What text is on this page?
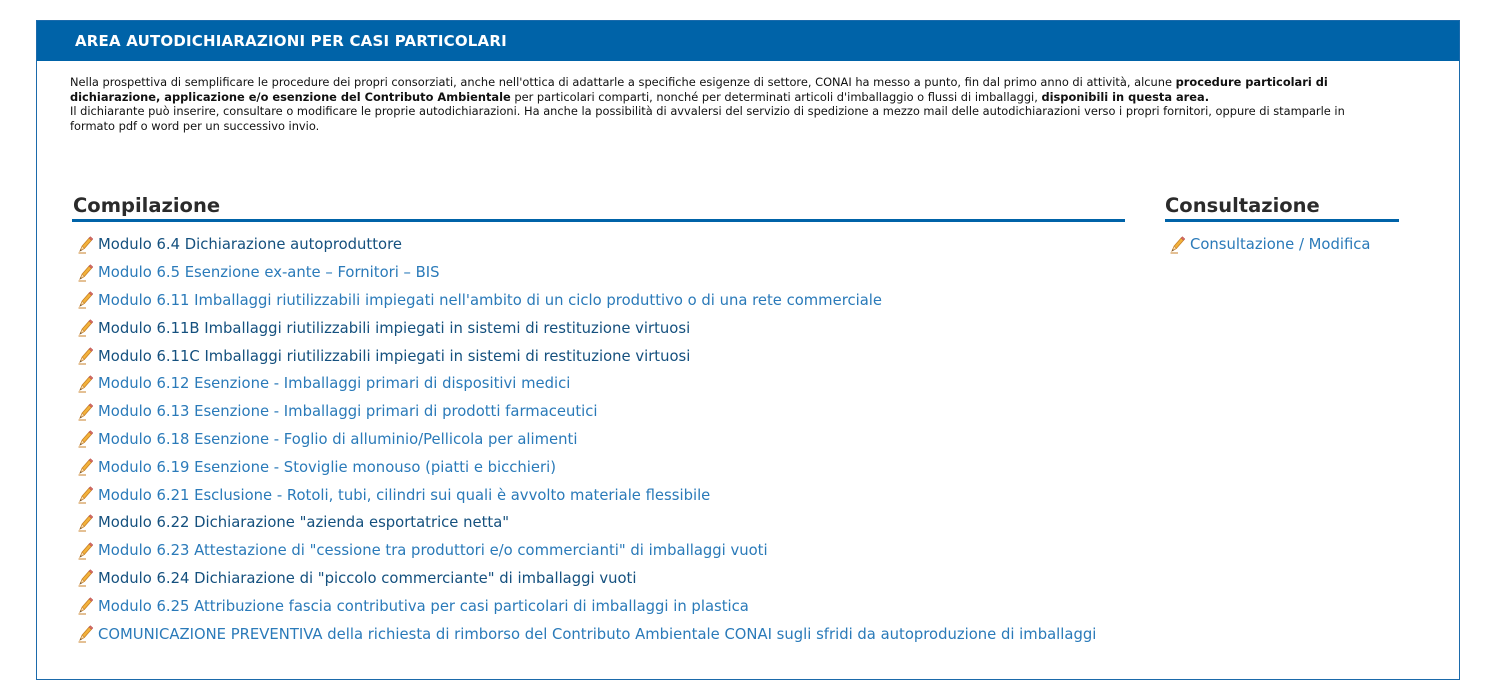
AREA AUTODICHIARAZIONI PER CASI PARTICOLARI

Nella prospettiva di semplificare le procedure dei propri consorziati, anche nell'ottica di adattarle a specifiche esigenze di settore, CONAI ha messo a punto, fin dal primo anno di attività, alcune procedure particolari di dichiarazione, applicazione e/o esenzione del Contributo Ambientale per particolari comparti, nonché per determinati articoli d'imballaggio o flussi di imballaggi, disponibili in questa area.

Il dichiarante può inserire, consultare o modificare le proprie autodichiarazioni. Ha anche la possibilità di avvalersi del servizio di spedizione a mezzo mail delle autodichiarazioni verso i propri fornitori, oppure di stamparle in formato pdf o word per un successivo invio.

Compilazione
Modulo 6.4 Dichiarazione autoproduttore
Modulo 6.5 Esenzione ex-ante – Fornitori – BIS
Modulo 6.11 Imballaggi riutilizzabili impiegati nell'ambito di un ciclo produttivo o di una rete commerciale
Modulo 6.11B Imballaggi riutilizzabili impiegati in sistemi di restituzione virtuosi
Modulo 6.11C Imballaggi riutilizzabili impiegati in sistemi di restituzione virtuosi
Modulo 6.12 Esenzione - Imballaggi primari di dispositivi medici
Modulo 6.13 Esenzione - Imballaggi primari di prodotti farmaceutici
Modulo 6.18 Esenzione - Foglio di alluminio/Pellicola per alimenti
Modulo 6.19 Esenzione - Stoviglie monouso (piatti e bicchieri)
Modulo 6.21 Esclusione - Rotoli, tubi, cilindri sui quali è avvolto materiale flessibile
Modulo 6.22 Dichiarazione "azienda esportatrice netta"
Modulo 6.23 Attestazione di "cessione tra produttori e/o commercianti" di imballaggi vuoti
Modulo 6.24 Dichiarazione di "piccolo commerciante" di imballaggi vuoti
Modulo 6.25 Attribuzione fascia contributiva per casi particolari di imballaggi in plastica
COMUNICAZIONE PREVENTIVA della richiesta di rimborso del Contributo Ambientale CONAI sugli sfridi da autoproduzione di imballaggi
Consultazione
Consultazione / Modifica
